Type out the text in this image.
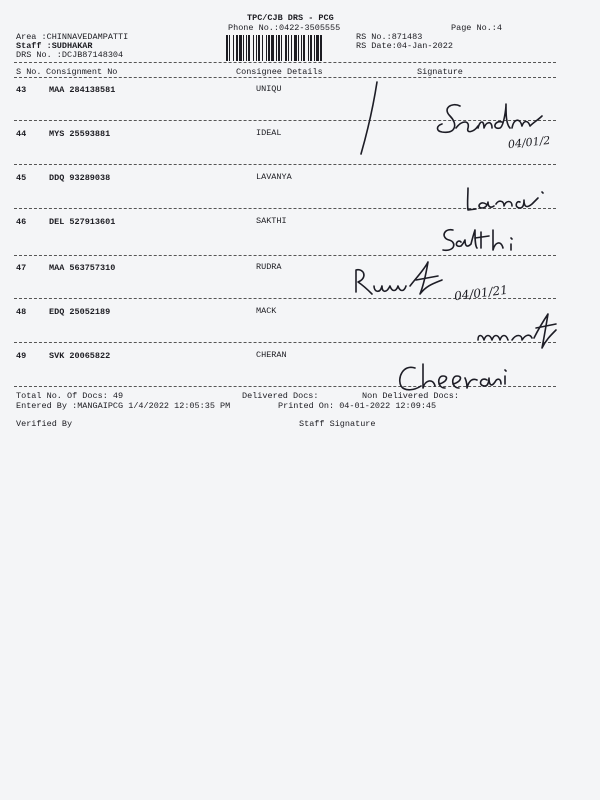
TPC/CJB DRS - PCG
Phone No.:0422-3505555	Page No.:4
Area :CHINNAVEDAMPATTI
Staff :SUDHAKAR
DRS No. :DCJB87148304
RS No.:871483
RS Date:04-Jan-2022
S No. Consignment No	Consignee Details	Signature
43	MAA 284138581	UNIQU
44	MYS 25593881	IDEAL
45	DDQ 93289038	LAVANYA
46	DEL 527913601	SAKTHI
47	MAA 563757310	RUDRA
48	EDQ 25052189	MACK
49	SVK 20065822	CHERAN
Total No. Of Docs: 49	Delivered Docs:	Non Delivered Docs:
Entered By :MANGAIPCG 1/4/2022 12:05:35 PM	Printed On: 04-01-2022 12:09:45
Verified By	Staff Signature
04/01/2
04/01/21
